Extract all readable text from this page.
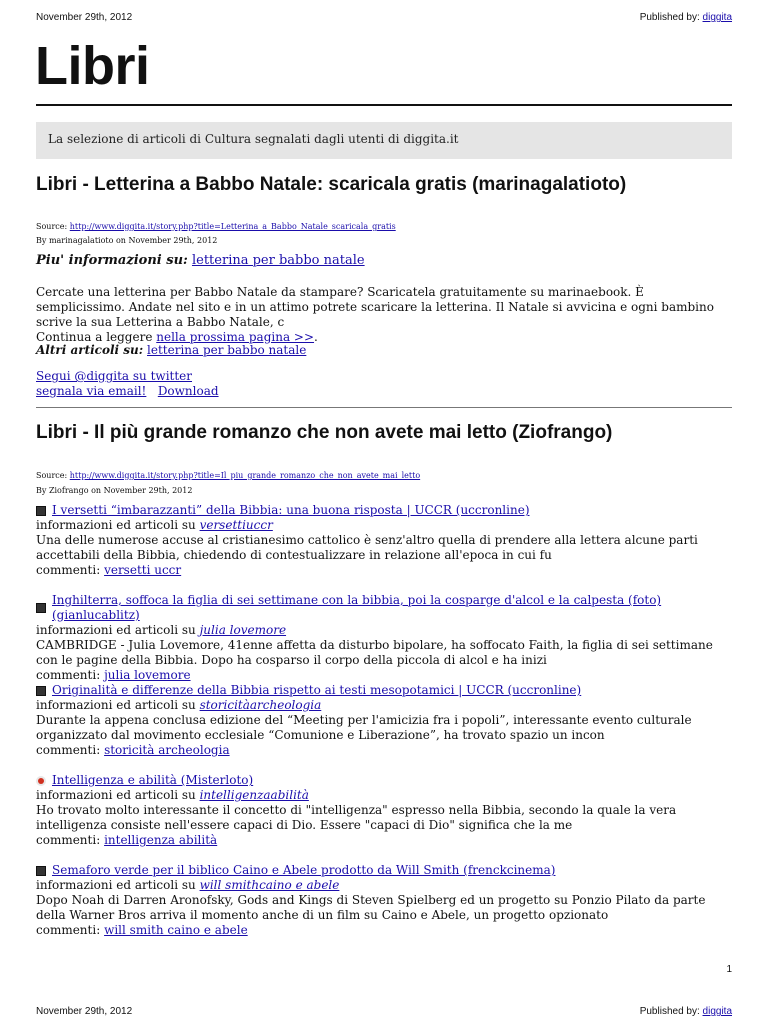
November 29th, 2012	Published by: diggita
Libri
La selezione di articoli di Cultura segnalati dagli utenti di diggita.it
Libri - Letterina a Babbo Natale: scaricala gratis (marinagalatioto)
Source: http://www.diggita.it/story.php?title=Letterina_a_Babbo_Natale_scaricala_gratis
By marinagalatioto on November 29th, 2012
Piu' informazioni su: letterina per babbo natale
Cercate una letterina per Babbo Natale da stampare? Scaricatela gratuitamente su marinaebook. È semplicissimo. Andate nel sito e in un attimo potrete scaricare la letterina. Il Natale si avvicina e ogni bambino scrive la sua Letterina a Babbo Natale, c
Continua a leggere nella prossima pagina >>.
Altri articoli su: letterina per babbo natale
Segui @diggita su twitter
segnala via email! Download
Libri - Il più grande romanzo che non avete mai letto (Ziofrango)
Source: http://www.diggita.it/story.php?title=Il_piu_grande_romanzo_che_non_avete_mai_letto
By Ziofrango on November 29th, 2012
I versetti “imbarazzanti” della Bibbia: una buona risposta | UCCR (uccronline)
informazioni ed articoli su versettiuccr
Una delle numerose accuse al cristianesimo cattolico è senz'altro quella di prendere alla lettera alcune parti accettabili della Bibbia, chiedendo di contestualizzare in relazione all'epoca in cui fu
commenti: versetti uccr
Inghilterra, soffoca la figlia di sei settimane con la bibbia, poi la cosparge d'alcol e la calpesta (foto) (gianlucablitz)
informazioni ed articoli su julia lovemore
CAMBRIDGE - Julia Lovemore, 41enne affetta da disturbo bipolare, ha soffocato Faith, la figlia di sei settimane con le pagine della Bibbia. Dopo ha cosparso il corpo della piccola di alcol e ha inizi
commenti: julia lovemore
Originalità e differenze della Bibbia rispetto ai testi mesopotamici | UCCR (uccronline)
informazioni ed articoli su storicitàarcheologia
Durante la appena conclusa edizione del “Meeting per l'amicizia fra i popoli”, interessante evento culturale organizzato dal movimento ecclesiale “Comunione e Liberazione”, ha trovato spazio un incon
commenti: storicità archeologia
Intelligenza e abilità (Misterloto)
informazioni ed articoli su intelligenzaabilità
Ho trovato molto interessante il concetto di "intelligenza" espresso nella Bibbia, secondo la quale la vera intelligenza consiste nell'essere capaci di Dio. Essere "capaci di Dio" significa che la me
commenti: intelligenza abilità
Semaforo verde per il biblico Caino e Abele prodotto da Will Smith (frenckcinema)
informazioni ed articoli su will smithcaino e abele
Dopo Noah di Darren Aronofsky, Gods and Kings di Steven Spielberg ed un progetto su Ponzio Pilato da parte della Warner Bros arriva il momento anche di un film su Caino e Abele, un progetto opzionato
commenti: will smith caino e abele
1
November 29th, 2012	Published by: diggita
